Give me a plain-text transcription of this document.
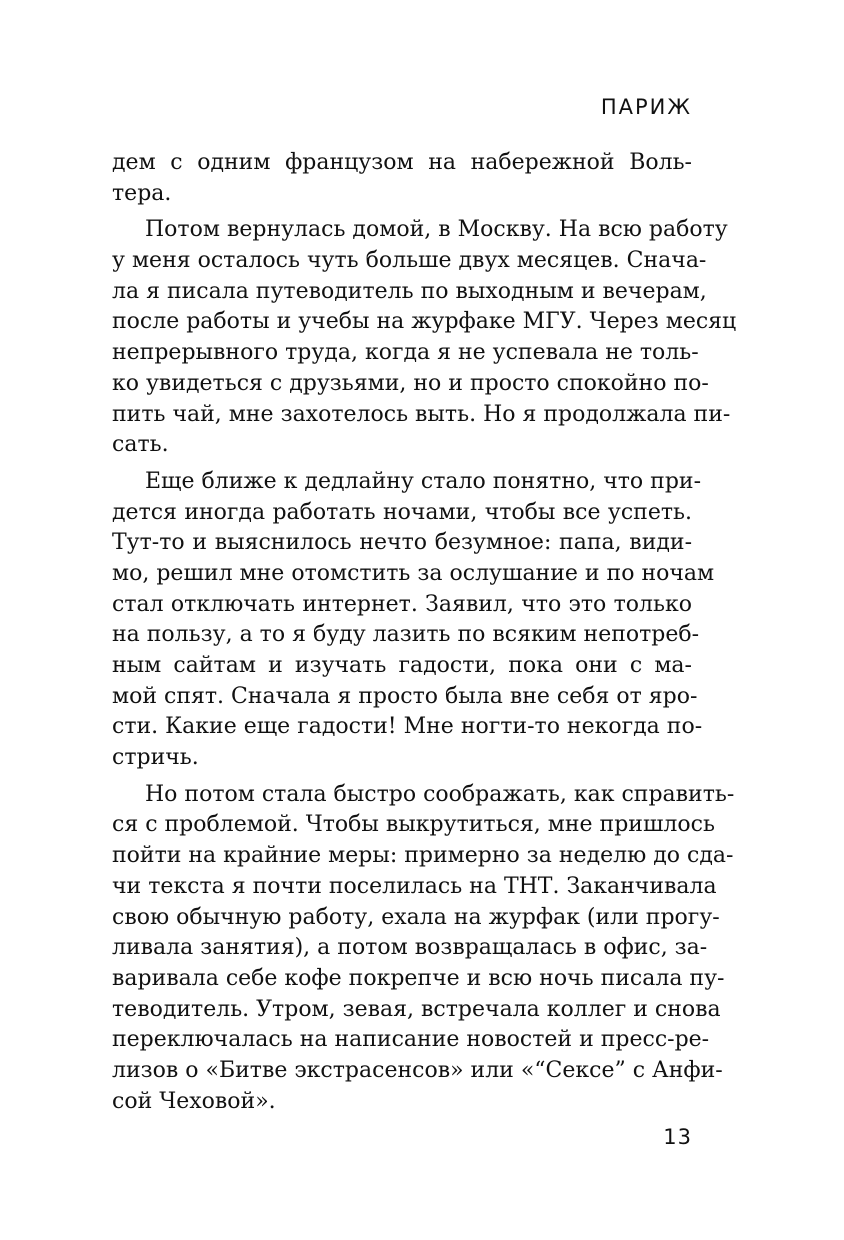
ПАРИЖ
дем с одним французом на набережной Воль-
тера.
Потом вернулась домой, в Москву. На всю работу
у меня осталось чуть больше двух месяцев. Снача-
ла я писала путеводитель по выходным и вечерам,
после работы и учебы на журфаке МГУ. Через месяц
непрерывного труда, когда я не успевала не толь-
ко увидеться с друзьями, но и просто спокойно по-
пить чай, мне захотелось выть. Но я продолжала пи-
сать.
Еще ближе к дедлайну стало понятно, что при-
дется иногда работать ночами, чтобы все успеть.
Тут-то и выяснилось нечто безумное: папа, види-
мо, решил мне отомстить за ослушание и по ночам
стал отключать интернет. Заявил, что это только
на пользу, а то я буду лазить по всяким непотреб-
ным сайтам и изучать гадости, пока они с ма-
мой спят. Сначала я просто была вне себя от яро-
сти. Какие еще гадости! Мне ногти-то некогда по-
стричь.
Но потом стала быстро соображать, как справить-
ся с проблемой. Чтобы выкрутиться, мне пришлось
пойти на крайние меры: примерно за неделю до сда-
чи текста я почти поселилась на ТНТ. Заканчивала
свою обычную работу, ехала на журфак (или прогу-
ливала занятия), а потом возвращалась в офис, за-
варивала себе кофе покрепче и всю ночь писала пу-
теводитель. Утром, зевая, встречала коллег и снова
переключалась на написание новостей и пресс-ре-
лизов о «Битве экстрасенсов» или «“Сексе” с Анфи-
сой Чеховой».
13
